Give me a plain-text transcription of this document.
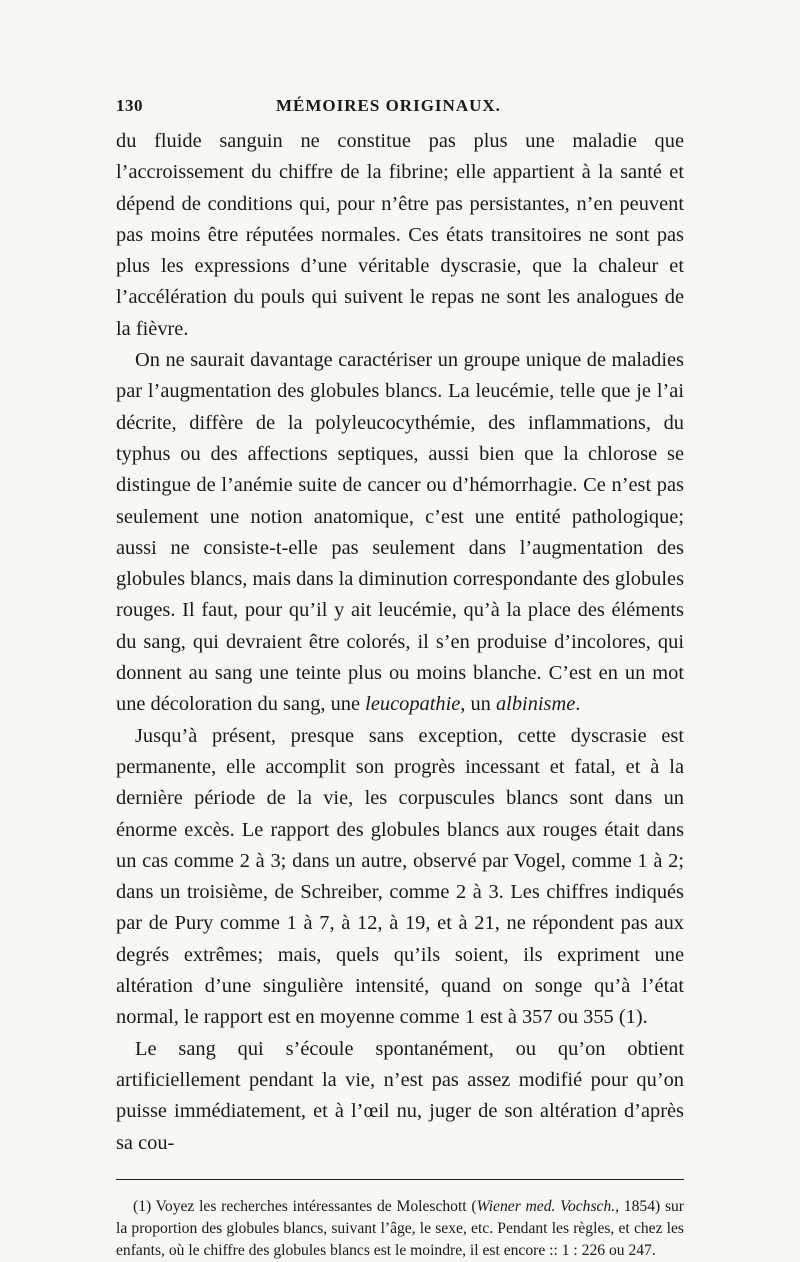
130	MÉMOIRES ORIGINAUX.

du fluide sanguin ne constitue pas plus une maladie que l’accroissement du chiffre de la fibrine; elle appartient à la santé et dépend de conditions qui, pour n’être pas persistantes, n’en peuvent pas moins être réputées normales. Ces états transitoires ne sont pas plus les expressions d’une véritable dyscrasie, que la chaleur et l’accélération du pouls qui suivent le repas ne sont les analogues de la fièvre.

On ne saurait davantage caractériser un groupe unique de maladies par l’augmentation des globules blancs. La leucémie, telle que je l’ai décrite, diffère de la polyleucocythémie, des inflammations, du typhus ou des affections septiques, aussi bien que la chlorose se distingue de l’anémie suite de cancer ou d’hémorrhagie. Ce n’est pas seulement une notion anatomique, c’est une entité pathologique; aussi ne consiste-t-elle pas seulement dans l’augmentation des globules blancs, mais dans la diminution correspondante des globules rouges. Il faut, pour qu’il y ait leucémie, qu’à la place des éléments du sang, qui devraient être colorés, il s’en produise d’incolores, qui donnent au sang une teinte plus ou moins blanche. C’est en un mot une décoloration du sang, une leucopathie, un albinisme.

Jusqu’à présent, presque sans exception, cette dyscrasie est permanente, elle accomplit son progrès incessant et fatal, et à la dernière période de la vie, les corpuscules blancs sont dans un énorme excès. Le rapport des globules blancs aux rouges était dans un cas comme 2 à 3; dans un autre, observé par Vogel, comme 1 à 2; dans un troisième, de Schreiber, comme 2 à 3. Les chiffres indiqués par de Pury comme 1 à 7, à 12, à 19, et à 21, ne répondent pas aux degrés extrêmes; mais, quels qu’ils soient, ils expriment une altération d’une singulière intensité, quand on songe qu’à l’état normal, le rapport est en moyenne comme 1 est à 357 ou 355 (1).

Le sang qui s’écoule spontanément, ou qu’on obtient artificiellement pendant la vie, n’est pas assez modifié pour qu’on puisse immédiatement, et à l’œil nu, juger de son altération d’après sa cou-

(1) Voyez les recherches intéressantes de Moleschott (Wiener med. Vochsch., 1854) sur la proportion des globules blancs, suivant l’âge, le sexe, etc. Pendant les règles, et chez les enfants, où le chiffre des globules blancs est le moindre, il est encore :: 1 : 226 ou 247.
